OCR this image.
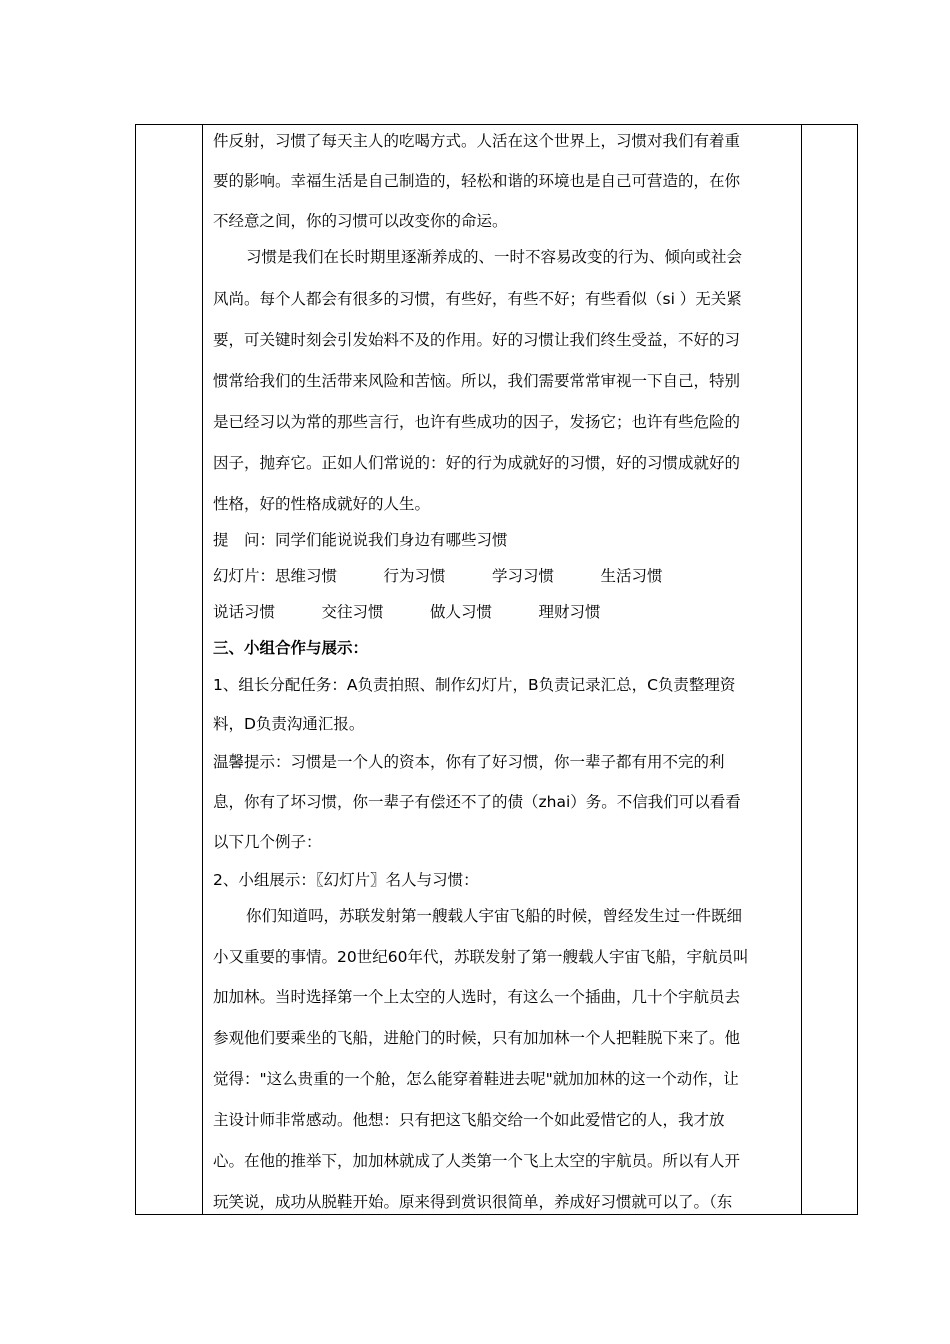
件反射，习惯了每天主人的吃喝方式。人活在这个世界上，习惯对我们有着重
要的影响。幸福生活是自己制造的，轻松和谐的环境也是自己可营造的，在你
不经意之间，你的习惯可以改变你的命运。
习惯是我们在长时期里逐渐养成的、一时不容易改变的行为、倾向或社会
风尚。每个人都会有很多的习惯，有些好，有些不好；有些看似（si ）无关紧
要，可关键时刻会引发始料不及的作用。好的习惯让我们终生受益，不好的习
惯常给我们的生活带来风险和苦恼。所以，我们需要常常审视一下自己，特别
是已经习以为常的那些言行，也许有些成功的因子，发扬它；也许有些危险的
因子，抛弃它。正如人们常说的：好的行为成就好的习惯，好的习惯成就好的
性格，好的性格成就好的人生。
提　问：同学们能说说我们身边有哪些习惯
幻灯片：思维习惯　　　行为习惯　　　学习习惯　　　生活习惯
说话习惯　　　交往习惯　　　做人习惯　　　理财习惯
三、小组合作与展示：
1、组长分配任务：A负责拍照、制作幻灯片，B负责记录汇总，C负责整理资
料，D负责沟通汇报。
温馨提示：习惯是一个人的资本，你有了好习惯，你一辈子都有用不完的利
息，你有了坏习惯，你一辈子有偿还不了的债（zhai）务。不信我们可以看看
以下几个例子：
2、小组展示：〖幻灯片〗名人与习惯：
你们知道吗，苏联发射第一艘载人宇宙飞船的时候，曾经发生过一件既细
小又重要的事情。20世纪60年代，苏联发射了第一艘载人宇宙飞船，宇航员叫
加加林。当时选择第一个上太空的人选时，有这么一个插曲，几十个宇航员去
参观他们要乘坐的飞船，进舱门的时候，只有加加林一个人把鞋脱下来了。他
觉得："这么贵重的一个舱，怎么能穿着鞋进去呢"就加加林的这一个动作，让
主设计师非常感动。他想：只有把这飞船交给一个如此爱惜它的人，我才放
心。在他的推举下，加加林就成了人类第一个飞上太空的宇航员。所以有人开
玩笑说，成功从脱鞋开始。原来得到赏识很简单，养成好习惯就可以了。（东
